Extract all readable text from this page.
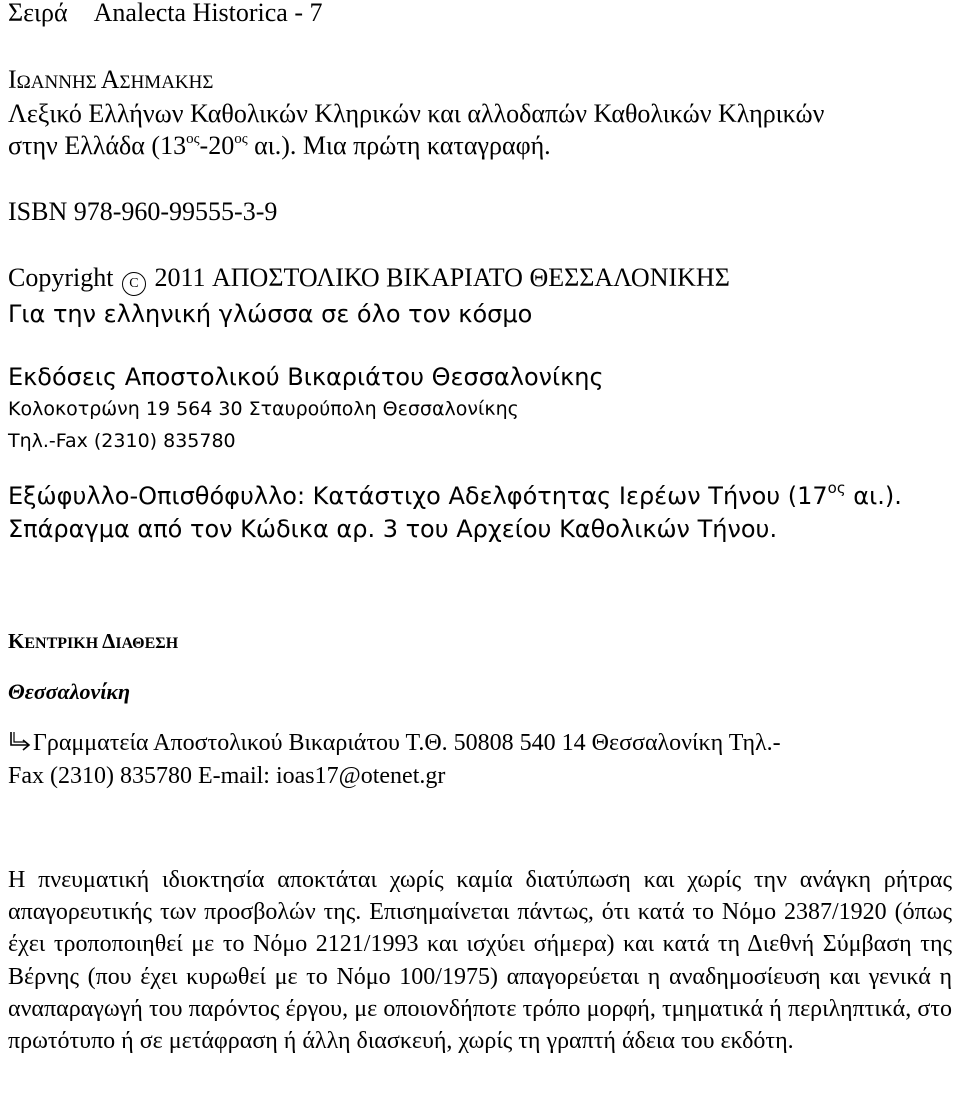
Σειρά Analecta Historica - 7
ΙΩΑΝΝΗΣ ΑΣΗΜΑΚΗΣ
Λεξικό Ελλήνων Καθολικών Κληρικών και αλλοδαπών Καθολικών Κληρικών
στην Ελλάδα ($13^{o\varsigma}-20^{o\varsigma}$ αι.). Μια πρώτη καταγραφή.
ISBN 978-960-99555-3-9
Copyright C 2011 ΑΠΟΣΤΟΛΙΚΟ ΒΙΚΑΡΙΑΤΟ ΘΕΣΣΑΛΟΝΙΚΗΣ
Για την ελληνική γλώσσα σε όλο τον κόσμο
Εκδόσεις Αποστολικού Βικαριάτου Θεσσαλονίκης
Κολοκοτρώνη 19 564 30 Σταυρούπολη Θεσσαλονίκης
Τηλ.-Fax (2310) 835780
Εξώφυλλο-Οπισθόφυλλο: Κατάστιχο Αδελφότητας Ιερέων Τήνου ($17^{o\varsigma}$ αι.).
Σπάραγμα από τον Κώδικα αρ. 3 του Αρχείου Καθολικών Τήνου.
ΚΕΝΤΡΙΚΗ ΔΙΑΘΕΣΗ
Θεσσαλονίκη
Γραμματεία Αποστολικού Βικαριάτου Τ.Θ. 50808 540 14 Θεσσαλονίκη Τηλ.-
Fax (2310) 835780 E-mail: ioas17@otenet.gr
Η πνευματική ιδιοκτησία αποκτάται χωρίς καμία διατύπωση και χωρίς την ανάγκη ρήτρας απαγορευτικής των προσβολών της. Επισημαίνεται πάντως, ότι κατά το Νόμο 2387/1920 (όπως έχει τροποποιηθεί με το Νόμο 2121/1993 και ισχύει σήμερα) και κατά τη Διεθνή Σύμβαση της Βέρνης (που έχει κυρωθεί με το Νόμο 100/1975) απαγορεύεται η αναδημοσίευση και γενικά η αναπαραγωγή του παρόντος έργου, με οποιονδήποτε τρόπο μορφή, τμηματικά ή περιληπτικά, στο πρωτότυπο ή σε μετάφραση ή άλλη διασκευή, χωρίς τη γραπτή άδεια του εκδότη.
